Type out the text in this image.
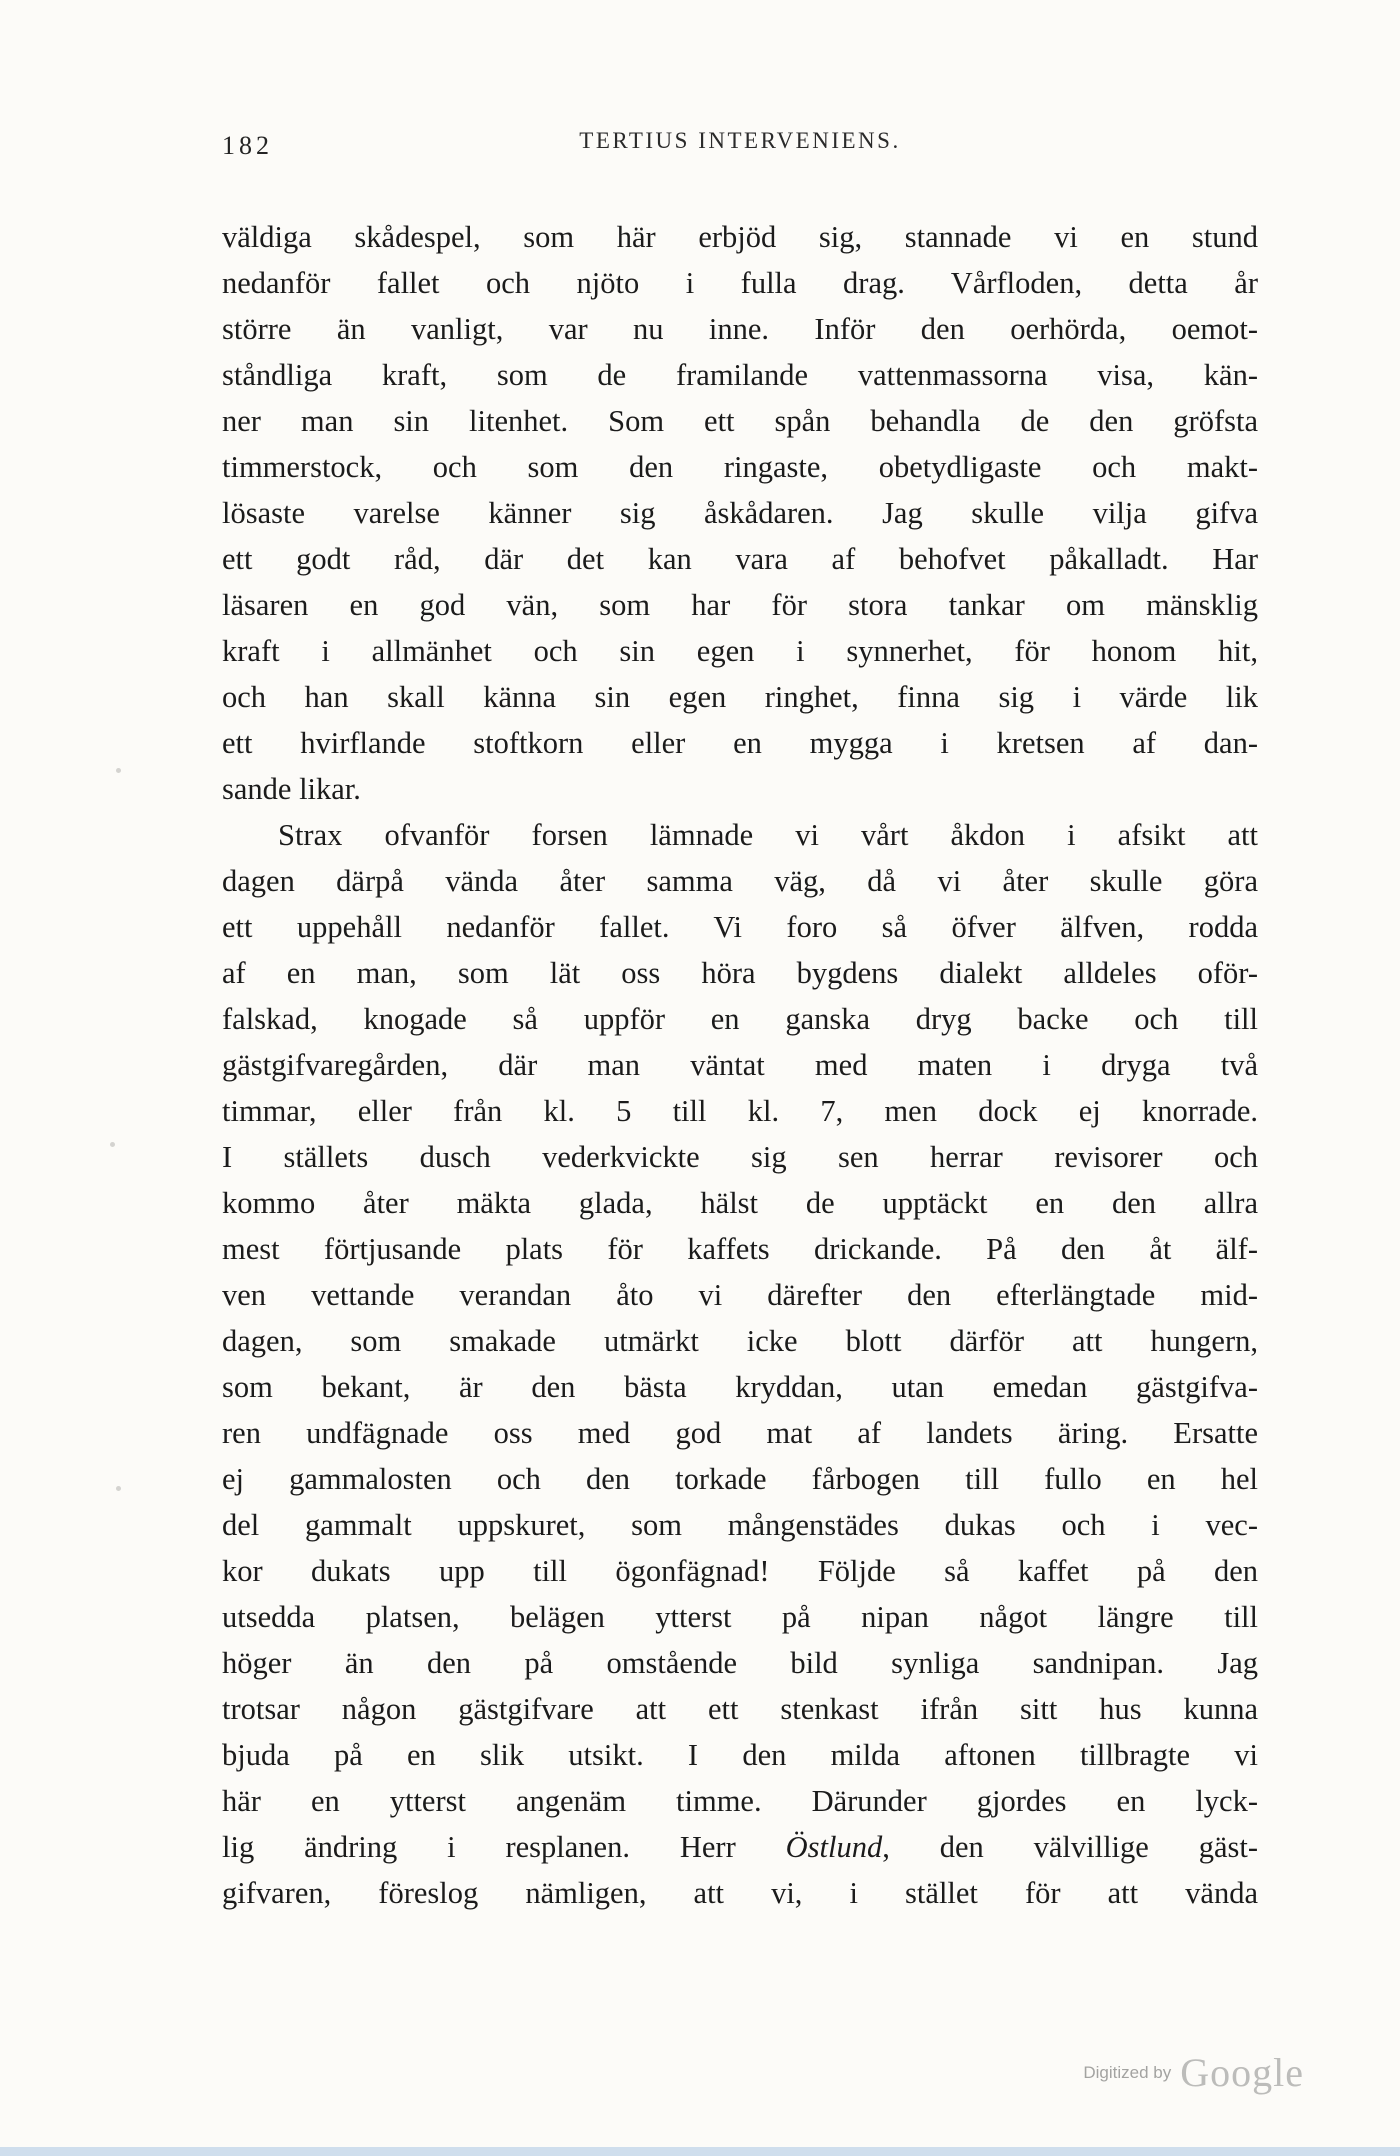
182	TERTIUS INTERVENIENS.
väldiga skådespel, som här erbjöd sig, stannade vi en stund
nedanför fallet och njöto i fulla drag. Vårfloden, detta år
större än vanligt, var nu inne. Inför den oerhörda, oemot-
ståndliga kraft, som de framilande vattenmassorna visa, kän-
ner man sin litenhet. Som ett spån behandla de den gröfsta
timmerstock, och som den ringaste, obetydligaste och makt-
lösaste varelse känner sig åskådaren. Jag skulle vilja gifva
ett godt råd, där det kan vara af behofvet påkalladt. Har
läsaren en god vän, som har för stora tankar om mänsklig
kraft i allmänhet och sin egen i synnerhet, för honom hit,
och han skall känna sin egen ringhet, finna sig i värde lik
ett hvirflande stoftkorn eller en mygga i kretsen af dan-
sande likar.
Strax ofvanför forsen lämnade vi vårt åkdon i afsikt att
dagen därpå vända åter samma väg, då vi åter skulle göra
ett uppehåll nedanför fallet. Vi foro så öfver älfven, rodda
af en man, som lät oss höra bygdens dialekt alldeles oför-
falskad, knogade så uppför en ganska dryg backe och till
gästgifvaregården, där man väntat med maten i dryga två
timmar, eller från kl. 5 till kl. 7, men dock ej knorrade.
I ställets dusch vederkvickte sig sen herrar revisorer och
kommo åter mäkta glada, hälst de upptäckt en den allra
mest förtjusande plats för kaffets drickande. På den åt älf-
ven vettande verandan åto vi därefter den efterlängtade mid-
dagen, som smakade utmärkt icke blott därför att hungern,
som bekant, är den bästa kryddan, utan emedan gästgifva-
ren undfägnade oss med god mat af landets äring. Ersatte
ej gammalosten och den torkade fårbogen till fullo en hel
del gammalt uppskuret, som mångenstädes dukas och i vec-
kor dukats upp till ögonfägnad! Följde så kaffet på den
utsedda platsen, belägen ytterst på nipan något längre till
höger än den på omstående bild synliga sandnipan. Jag
trotsar någon gästgifvare att ett stenkast ifrån sitt hus kunna
bjuda på en slik utsikt. I den milda aftonen tillbragte vi
här en ytterst angenäm timme. Därunder gjordes en lyck-
lig ändring i resplanen. Herr Östlund, den välvillige gäst-
gifvaren, föreslog nämligen, att vi, i stället för att vända
Digitized by Google
